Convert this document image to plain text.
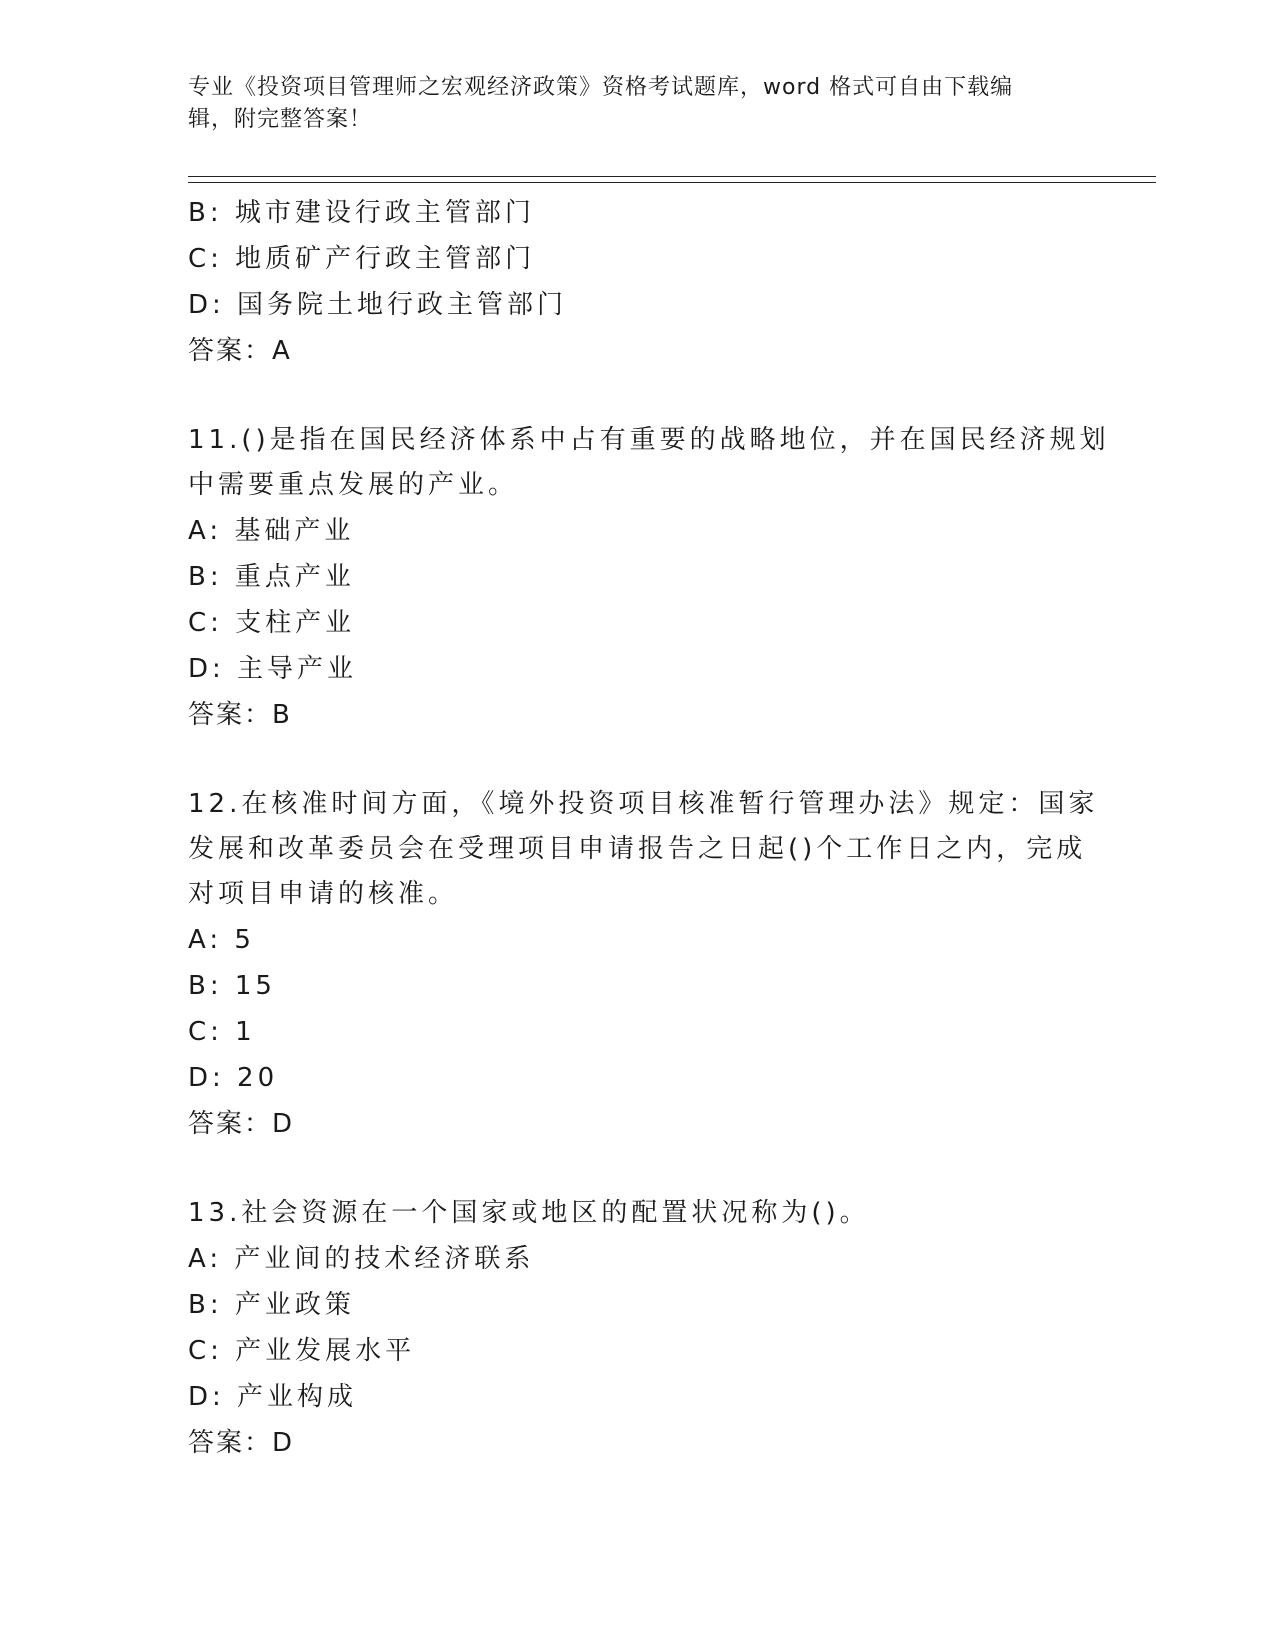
专业《投资项目管理师之宏观经济政策》资格考试题库，word 格式可自由下载编
辑，附完整答案！
B: 城市建设行政主管部门
C: 地质矿产行政主管部门
D: 国务院土地行政主管部门
答案：A
11.()是指在国民经济体系中占有重要的战略地位，并在国民经济规划
中需要重点发展的产业。
A: 基础产业
B: 重点产业
C: 支柱产业
D: 主导产业
答案：B
12.在核准时间方面，《境外投资项目核准暂行管理办法》规定：国家
发展和改革委员会在受理项目申请报告之日起()个工作日之内，完成
对项目申请的核准。
A: 5
B: 15
C: 1
D: 20
答案：D
13.社会资源在一个国家或地区的配置状况称为()。
A: 产业间的技术经济联系
B: 产业政策
C: 产业发展水平
D: 产业构成
答案：D
